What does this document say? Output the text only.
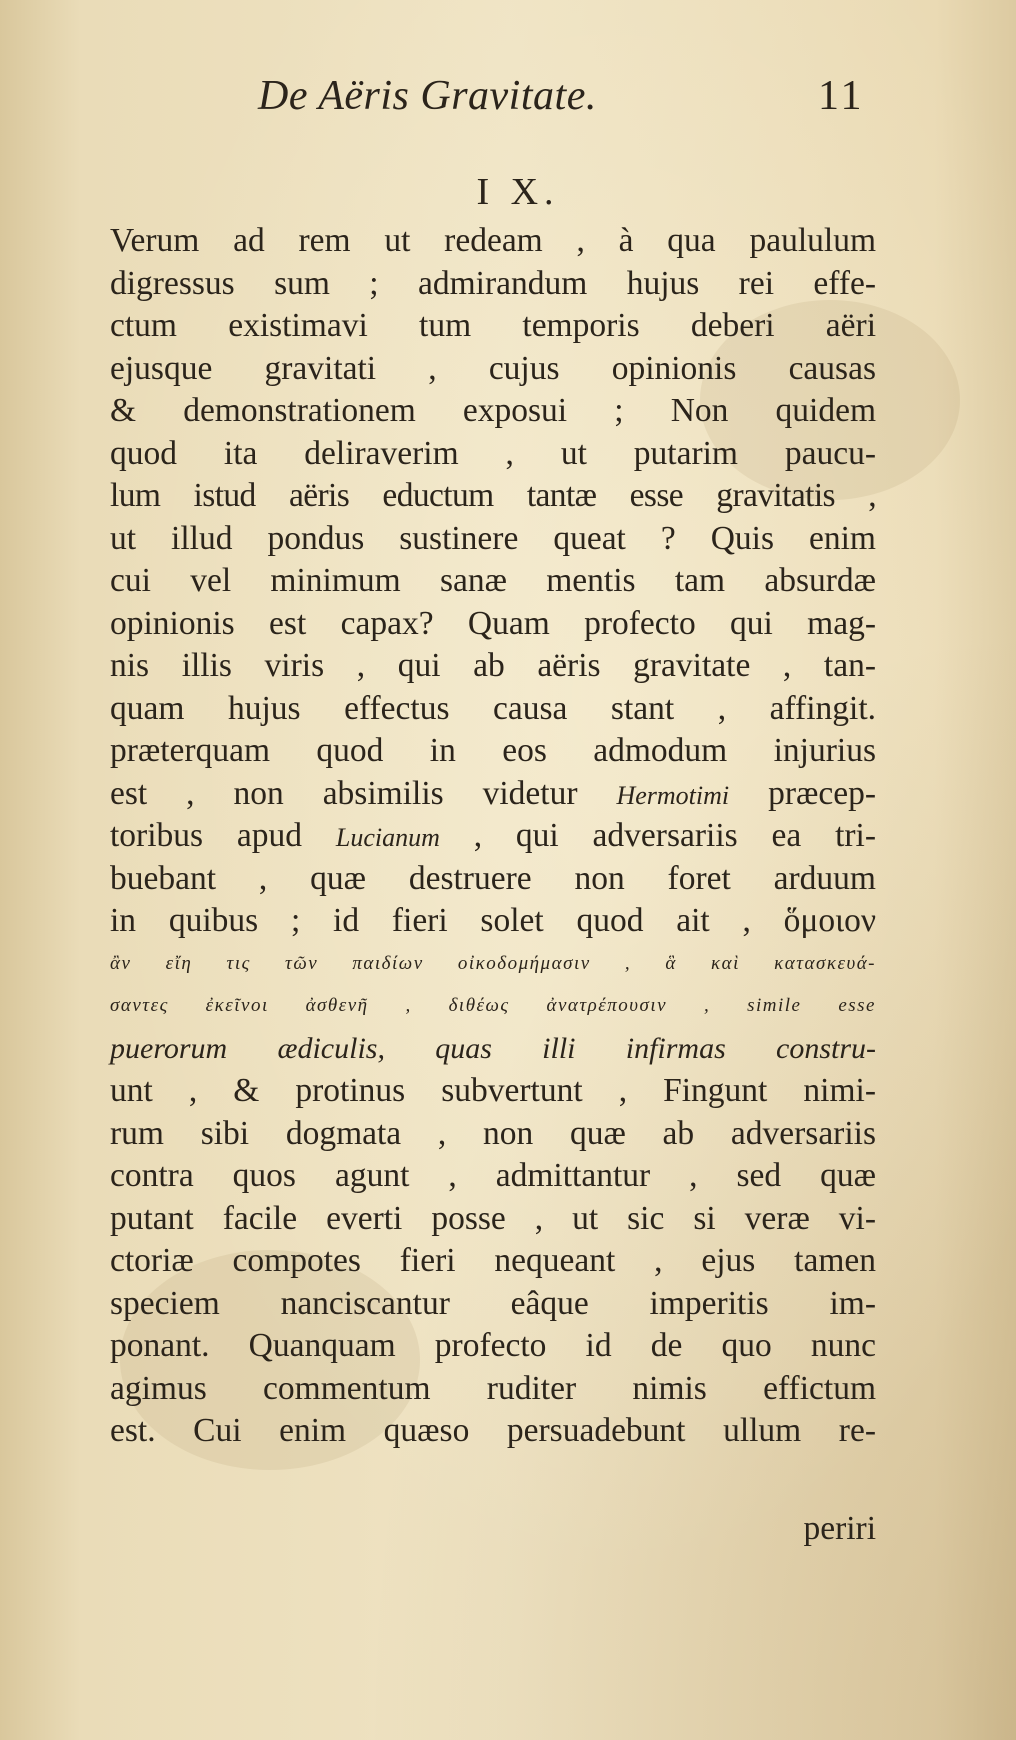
De Aëris Gravitate.	11
I X.
Verum ad rem ut redeam , à qua paululum
digressus sum ; admirandum hujus rei effe-
ctum existimavi tum temporis deberi aëri
ejusque gravitati , cujus opinionis causas
& demonstrationem exposui ; Non quidem
quod ita deliraverim , ut putarim paucu-
lum istud aëris eductum tantæ esse gravitatis ,
ut illud pondus sustinere queat ? Quis enim
cui vel minimum sanæ mentis tam absurdæ
opinionis est capax? Quam profecto qui mag-
nis illis viris , qui ab aëris gravitate , tan-
quam hujus effectus causa stant , affingit.
præterquam quod in eos admodum injurius
est , non absimilis videtur Hermotimi præcep-
toribus apud Lucianum , qui adversariis ea tri-
buebant , quæ destruere non foret arduum
in quibus ; id fieri solet quod ait , ὅμοιον
ἂν εἴη τις τῶν παιδίων οἰκοδομήμασιν , ἃ καὶ κατασκευά-
σαντες ἐκεῖνοι ἀσθενῆ , διθέως ἀνατρέπουσιν , simile esse
puerorum ædiculis, quas illi infirmas constru-
unt , & protinus subvertunt , Fingunt nimi-
rum sibi dogmata , non quæ ab adversariis
contra quos agunt , admittantur , sed quæ
putant facile everti posse , ut sic si veræ vi-
ctoriæ compotes fieri nequeant , ejus tamen
speciem nanciscantur eâque imperitis im-
ponant. Quanquam profecto id de quo nunc
agimus commentum ruditer nimis effictum
est. Cui enim quæso persuadebunt ullum re-
periri
